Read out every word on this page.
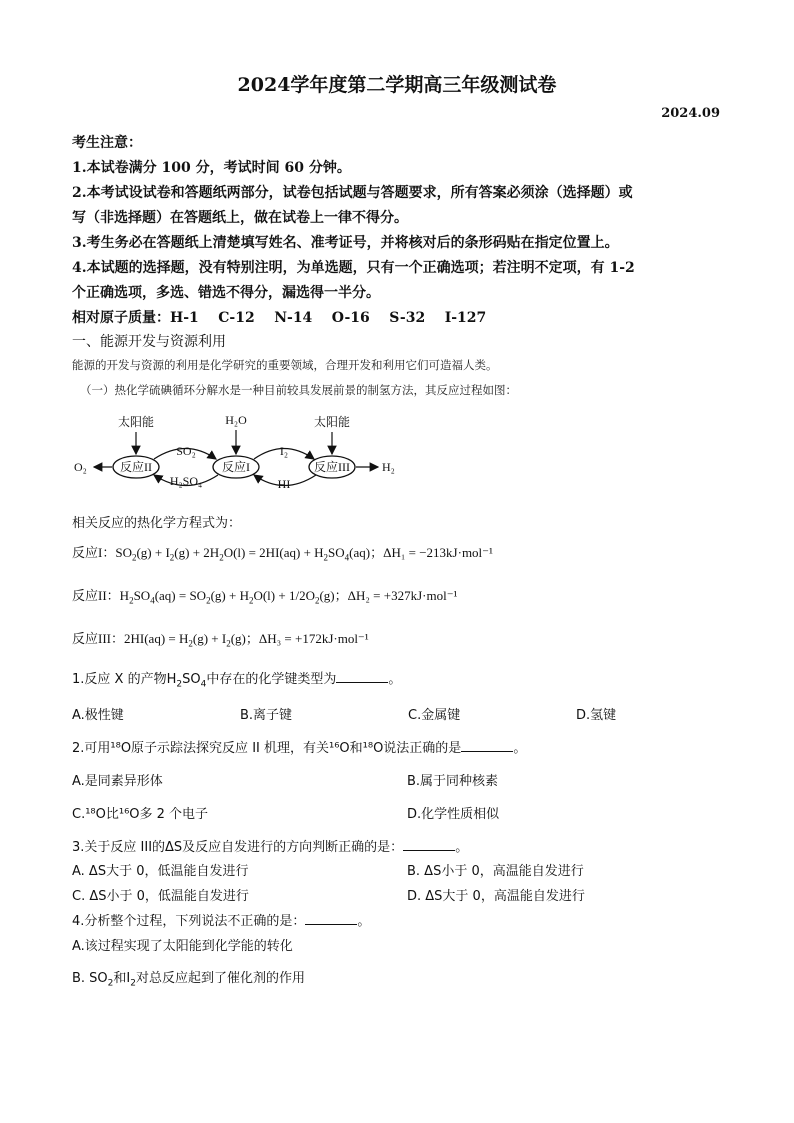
2024学年度第二学期高三年级测试卷
2024.09
考生注意：
1.本试卷满分 100 分，考试时间 60 分钟。
2.本考试设试卷和答题纸两部分，试卷包括试题与答题要求，所有答案必须涂（选择题）或
写（非选择题）在答题纸上，做在试卷上一律不得分。
3.考生务必在答题纸上清楚填写姓名、准考证号，并将核对后的条形码贴在指定位置上。
4.本试题的选择题，没有特别注明，为单选题，只有一个正确选项；若注明不定项，有 1-2
个正确选项，多选、错选不得分，漏选得一半分。
相对原子质量：H-1    C-12    N-14    O-16    S-32    I-127
一、能源开发与资源利用
能源的开发与资源的利用是化学研究的重要领域，合理开发和利用它们可造福人类。
（一）热化学硫碘循环分解水是一种目前较具发展前景的制氢方法，其反应过程如图：
反应II	反应I	反应III
太阳能	H₂O	太阳能
O₂	H₂
SO₂
H₂SO₄
I₂
HI
相关反应的热化学方程式为：
反应I：$SO_2(g) + I_2(g) + 2H_2O(l) = 2HI(aq) + H_2SO_4(aq)$；ΔH₁ = −213kJ·mol⁻¹
反应II：$H_2SO_4(aq) = SO_2(g) + H_2O(l) + 1/2O_2(g)$；ΔH₂ = +327kJ·mol⁻¹
反应III：$2HI(aq) = H_2(g) + I_2(g)$；ΔH₃ = +172kJ·mol⁻¹
1.反应 X 的产物$H_2SO_4$中存在的化学键类型为	。
A.极性键	B.离子键	C.金属键	D.氢键
2.可用¹⁸O原子示踪法探究反应 II 机理，有关¹⁶O和¹⁸O说法正确的是	。
A.是同素异形体	B.属于同种核素
C.¹⁸O比¹⁶O多 2 个电子	D.化学性质相似
3.关于反应 III的ΔS及反应自发进行的方向判断正确的是：	。
A. ΔS大于 0，低温能自发进行	B. ΔS小于 0，高温能自发进行
C. ΔS小于 0，低温能自发进行	D. ΔS大于 0，高温能自发进行
4.分析整个过程，下列说法不正确的是：	。
A.该过程实现了太阳能到化学能的转化
B. $SO_2$和$I_2$对总反应起到了催化剂的作用
